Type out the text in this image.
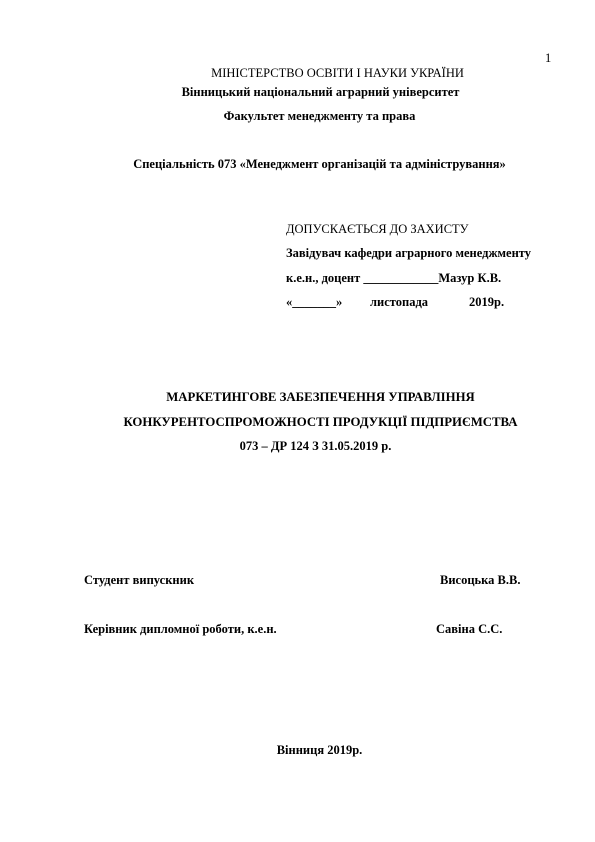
1
МІНІСТЕРСТВО ОСВІТИ І НАУКИ УКРАЇНИ
Вінницький національний аграрний університет
Факультет менеджменту та права
Спеціальність 073 «Менеджмент організацій та адміністрування»
ДОПУСКАЄТЬСЯ ДО ЗАХИСТУ
Завідувач кафедри аграрного менеджменту
к.е.н., доцент ____________Мазур К.В.
«_______» листопада	2019р.
МАРКЕТИНГОВЕ ЗАБЕЗПЕЧЕННЯ УПРАВЛІННЯ
КОНКУРЕНТОСПРОМОЖНОСТІ ПРОДУКЦІЇ ПІДПРИЄМСТВА
073 – ДР 124 З 31.05.2019 р.
Студент випускник	Висоцька В.В.
Керівник дипломної роботи, к.е.н.	Савіна С.С.
Вінниця 2019р.
